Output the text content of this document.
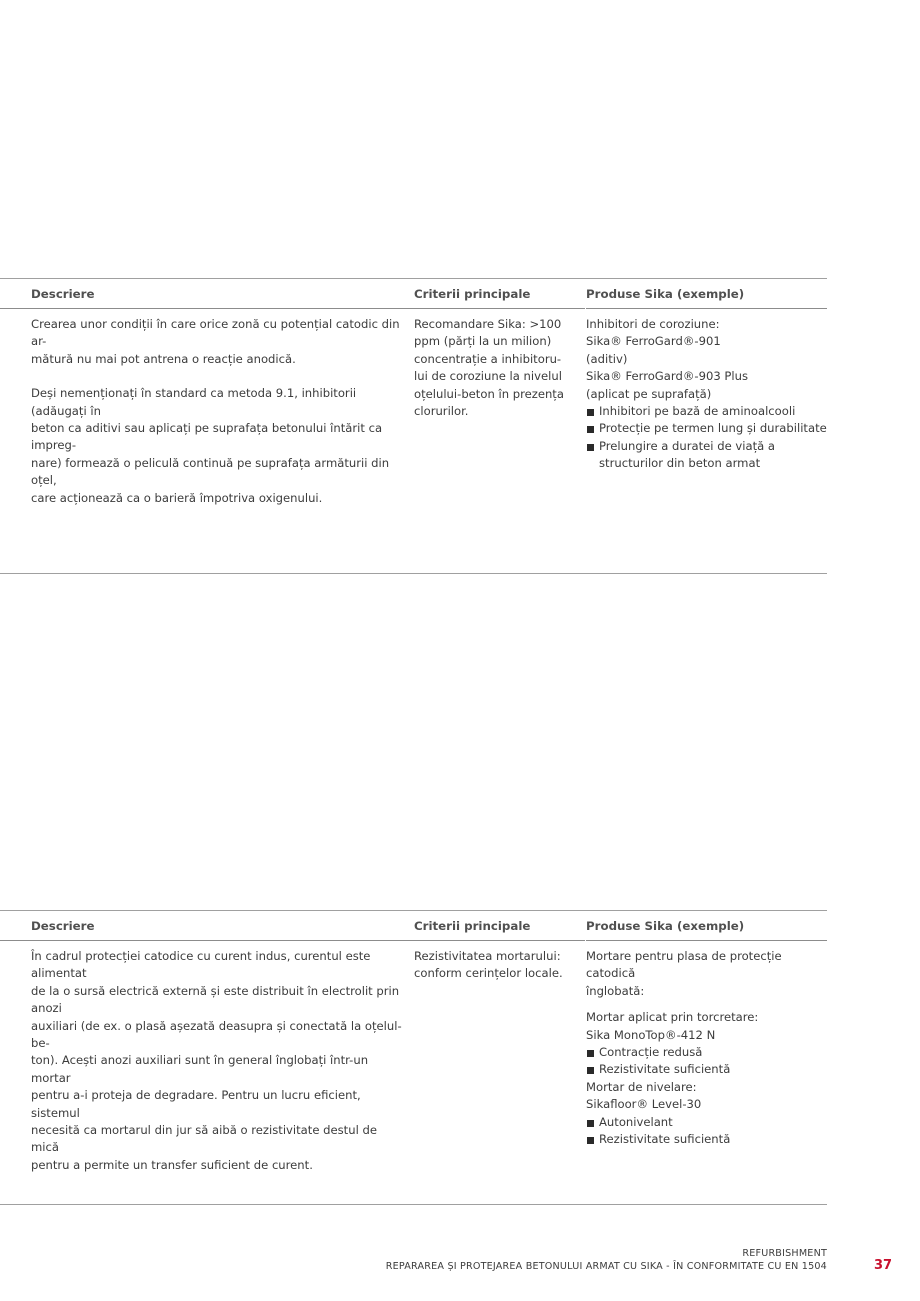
Descriere

Crearea unor condiții în care orice zonă cu potențial catodic din ar-
mătură nu mai pot antrena o reacție anodică.

Deși nemenționați în standard ca metoda 9.1, inhibitorii (adăugați în
beton ca aditivi sau aplicați pe suprafața betonului întărit ca impreg-
nare) formează o peliculă continuă pe suprafața armăturii din oțel,
care acționează ca o barieră împotriva oxigenului.

Criterii principale

Recomandare Sika: >100
ppm (părți la un milion)
concentrație a inhibitoru-
lui de coroziune la nivelul
oțelului-beton în prezența
clorurilor.

Produse Sika (exemple)

Inhibitori de coroziune:
Sika® FerroGard®-901
(aditiv)
Sika® FerroGard®-903 Plus
(aplicat pe suprafață)

Inhibitori pe bază de aminoalcooli
Protecție pe termen lung și durabilitate
Prelungire a duratei de viață a structurilor din beton armat
Descriere

În cadrul protecției catodice cu curent indus, curentul este alimentat
de la o sursă electrică externă și este distribuit în electrolit prin anozi
auxiliari (de ex. o plasă așezată deasupra și conectată la oțelul-be-
ton). Acești anozi auxiliari sunt în general înglobați într-un mortar
pentru a-i proteja de degradare. Pentru un lucru eficient, sistemul
necesită ca mortarul din jur să aibă o rezistivitate destul de mică
pentru a permite un transfer suficient de curent.

Criterii principale

Rezistivitatea mortarului:
conform cerințelor locale.

Produse Sika (exemple)

Mortare pentru plasa de protecție catodică
înglobată:

Mortar aplicat prin torcretare:
Sika MonoTop®-412 N

Contracție redusă
Rezistivitate suficientă

Mortar de nivelare:
Sikafloor® Level-30

Autonivelant
Rezistivitate suficientă
REFURBISHMENT
REPARAREA ȘI PROTEJAREA BETONULUI ARMAT CU SIKA - ÎN CONFORMITATE CU EN 1504	37
